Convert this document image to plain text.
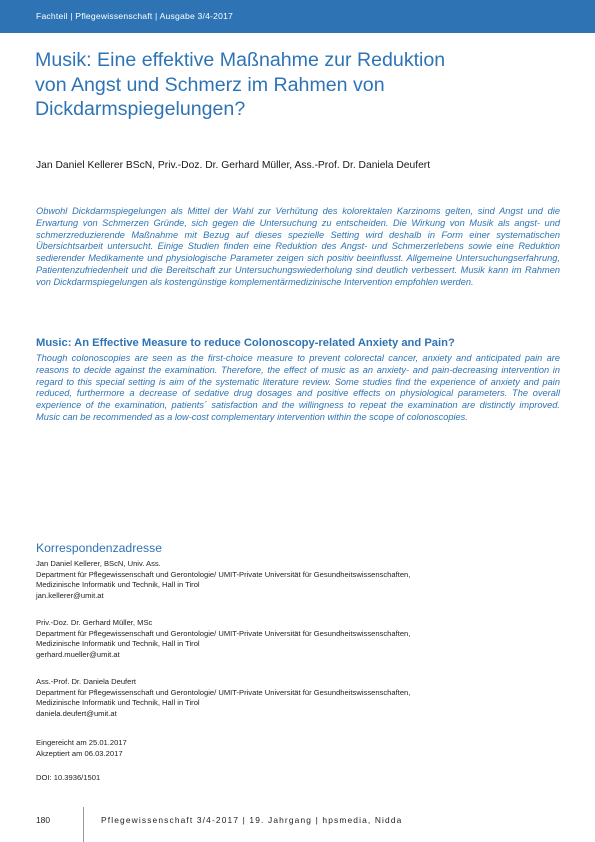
Fachteil | Pflegewissenschaft | Ausgabe 3/4-2017
Musik: Eine effektive Maßnahme zur Reduktion von Angst und Schmerz im Rahmen von Dickdarmspiegelungen?
Jan Daniel Kellerer BScN, Priv.-Doz. Dr. Gerhard Müller, Ass.-Prof. Dr. Daniela Deufert

Obwohl Dickdarmspiegelungen als Mittel der Wahl zur Verhütung des kolorektalen Karzinoms gelten, sind Angst und die Erwartung von Schmerzen Gründe, sich gegen die Untersuchung zu entscheiden. Die Wirkung von Musik als angst- und schmerzreduzierende Maßnahme mit Bezug auf dieses spezielle Setting wird deshalb in Form einer systematischen Übersichtsarbeit untersucht. Einige Studien finden eine Reduktion des Angst- und Schmerzerlebens sowie eine Reduktion sedierender Medikamente und physiologische Parameter zeigen sich positiv beeinflusst. Allgemeine Untersuchungserfahrung, Patientenzufriedenheit und die Bereitschaft zur Untersuchungswiederholung sind deutlich verbessert. Musik kann im Rahmen von Dickdarmspiegelungen als kostengünstige komplementärmedizinische Intervention empfohlen werden.

Music: An Effective Measure to reduce Colonoscopy-related Anxiety and Pain?

Though colonoscopies are seen as the first-choice measure to prevent colorectal cancer, anxiety and anticipated pain are reasons to decide against the examination. Therefore, the effect of music as an anxiety- and pain-decreasing intervention in regard to this special setting is aim of the systematic literature review. Some studies find the experience of anxiety and pain reduced, furthermore a decrease of sedative drug dosages and positive effects on physiological parameters. The overall experience of the examination, patients´ satisfaction and the willingness to repeat the examination are distinctly improved. Music can be recommended as a low-cost complementary intervention within the scope of colonoscopies.

Korrespondenzadresse
Jan Daniel Kellerer, BScN, Univ. Ass.
Department für Pflegewissenschaft und Gerontologie/ UMIT-Private Universität für Gesundheitswissenschaften,
Medizinische Informatik und Technik, Hall in Tirol
jan.kellerer@umit.at
Priv.-Doz. Dr. Gerhard Müller, MSc
Department für Pflegewissenschaft und Gerontologie/ UMIT-Private Universität für Gesundheitswissenschaften,
Medizinische Informatik und Technik, Hall in Tirol
gerhard.mueller@umit.at
Ass.-Prof. Dr. Daniela Deufert
Department für Pflegewissenschaft und Gerontologie/ UMIT-Private Universität für Gesundheitswissenschaften,
Medizinische Informatik und Technik, Hall in Tirol
daniela.deufert@umit.at
Eingereicht am 25.01.2017
Akzeptiert am 06.03.2017
DOI: 10.3936/1501
180	Pflegewissenschaft 3/4-2017 | 19. Jahrgang | hpsmedia, Nidda
